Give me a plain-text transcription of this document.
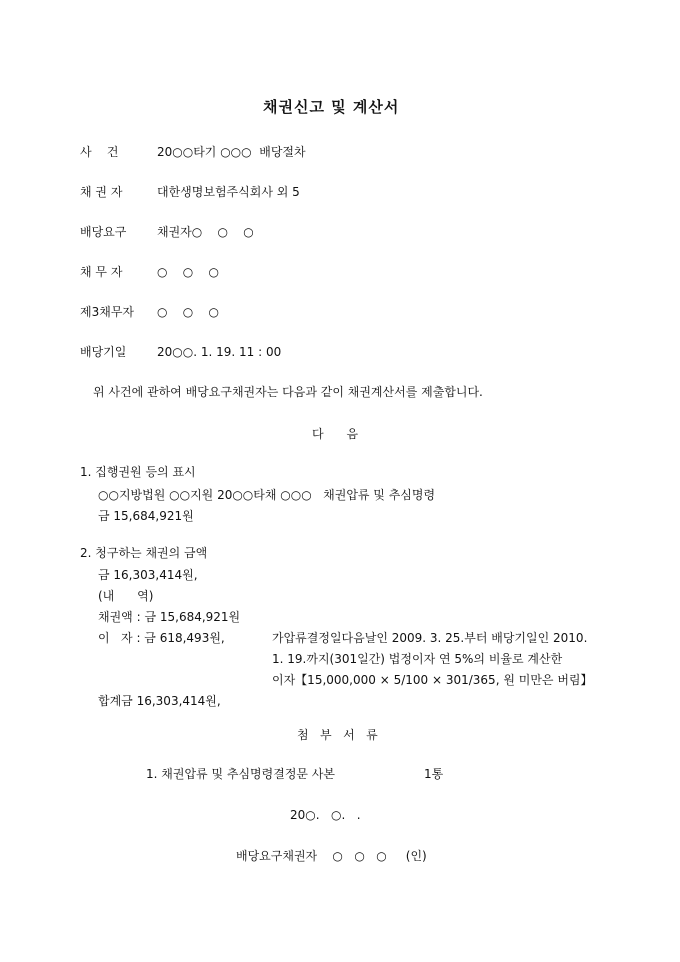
채권신고 및 계산서
사    건	20○○타기 ○○○  배당절차
채 권 자	대한생명보험주식회사 외 5
배당요구	채권자○    ○    ○
채 무 자	○    ○    ○
제3채무자 ○    ○    ○
배당기일	20○○. 1. 19. 11 : 00
위 사건에 관하여 배당요구채권자는 다음과 같이 채권계산서를 제출합니다.
다      음
1. 집행권원 등의 표시
○○지방법원 ○○지원 20○○타채 ○○○   채권압류 및 추심명령
금 15,684,921원
2. 청구하는 채권의 금액
금 16,303,414원,
(내      역)
채권액 : 금 15,684,921원
이   자 : 금 618,493원,	가압류결정일다음날인 2009. 3. 25.부터 배당기일인 2010.
1. 19.까지(301일간) 법정이자 연 5%의 비율로 계산한
이자【15,000,000 × 5/100 × 301/365, 원 미만은 버림】
합계금 16,303,414원,
첨   부   서   류
1. 채권압류 및 추심명령결정문 사본	1통
20○.   ○.   .
배당요구채권자    ○   ○   ○     (인)
